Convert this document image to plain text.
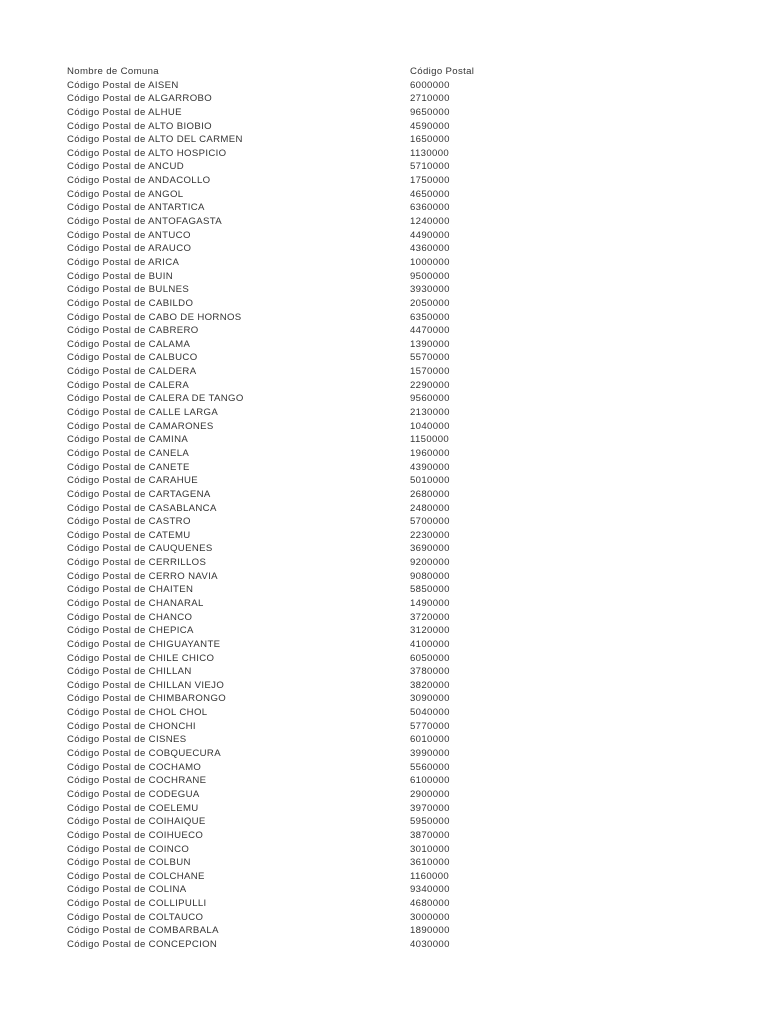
Nombre de Comuna	Código Postal
Código Postal de AISEN	6000000
Código Postal de ALGARROBO	2710000
Código Postal de ALHUE	9650000
Código Postal de ALTO BIOBIO	4590000
Código Postal de ALTO DEL CARMEN	1650000
Código Postal de ALTO HOSPICIO	1130000
Código Postal de ANCUD	5710000
Código Postal de ANDACOLLO	1750000
Código Postal de ANGOL	4650000
Código Postal de ANTARTICA	6360000
Código Postal de ANTOFAGASTA	1240000
Código Postal de ANTUCO	4490000
Código Postal de ARAUCO	4360000
Código Postal de ARICA	1000000
Código Postal de BUIN	9500000
Código Postal de BULNES	3930000
Código Postal de CABILDO	2050000
Código Postal de CABO DE HORNOS	6350000
Código Postal de CABRERO	4470000
Código Postal de CALAMA	1390000
Código Postal de CALBUCO	5570000
Código Postal de CALDERA	1570000
Código Postal de CALERA	2290000
Código Postal de CALERA DE TANGO	9560000
Código Postal de CALLE LARGA	2130000
Código Postal de CAMARONES	1040000
Código Postal de CAMINA	1150000
Código Postal de CANELA	1960000
Código Postal de CANETE	4390000
Código Postal de CARAHUE	5010000
Código Postal de CARTAGENA	2680000
Código Postal de CASABLANCA	2480000
Código Postal de CASTRO	5700000
Código Postal de CATEMU	2230000
Código Postal de CAUQUENES	3690000
Código Postal de CERRILLOS	9200000
Código Postal de CERRO NAVIA	9080000
Código Postal de CHAITEN	5850000
Código Postal de CHANARAL	1490000
Código Postal de CHANCO	3720000
Código Postal de CHEPICA	3120000
Código Postal de CHIGUAYANTE	4100000
Código Postal de CHILE CHICO	6050000
Código Postal de CHILLAN	3780000
Código Postal de CHILLAN VIEJO	3820000
Código Postal de CHIMBARONGO	3090000
Código Postal de CHOL CHOL	5040000
Código Postal de CHONCHI	5770000
Código Postal de CISNES	6010000
Código Postal de COBQUECURA	3990000
Código Postal de COCHAMO	5560000
Código Postal de COCHRANE	6100000
Código Postal de CODEGUA	2900000
Código Postal de COELEMU	3970000
Código Postal de COIHAIQUE	5950000
Código Postal de COIHUECO	3870000
Código Postal de COINCO	3010000
Código Postal de COLBUN	3610000
Código Postal de COLCHANE	1160000
Código Postal de COLINA	9340000
Código Postal de COLLIPULLI	4680000
Código Postal de COLTAUCO	3000000
Código Postal de COMBARBALA	1890000
Código Postal de CONCEPCION	4030000
